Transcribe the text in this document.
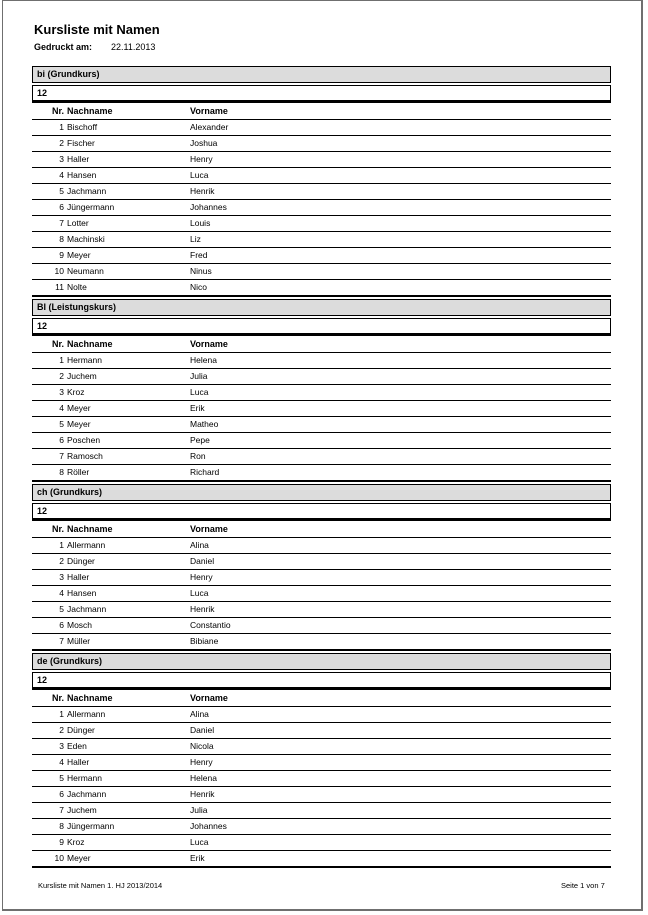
Kursliste mit Namen
Gedruckt am: 22.11.2013
bi (Grundkurs)
12
Nr.	Nachname	Vorname
1	Bischoff	Alexander
2	Fischer	Joshua
3	Haller	Henry
4	Hansen	Luca
5	Jachmann	Henrik
6	Jüngermann	Johannes
7	Lotter	Louis
8	Machinski	Liz
9	Meyer	Fred
10	Neumann	Ninus
11	Nolte	Nico
BI (Leistungskurs)
12
Nr.	Nachname	Vorname
1	Hermann	Helena
2	Juchem	Julia
3	Kroz	Luca
4	Meyer	Erik
5	Meyer	Matheo
6	Poschen	Pepe
7	Ramosch	Ron
8	Röller	Richard
ch (Grundkurs)
12
Nr.	Nachname	Vorname
1	Allermann	Alina
2	Dünger	Daniel
3	Haller	Henry
4	Hansen	Luca
5	Jachmann	Henrik
6	Mosch	Constantio
7	Müller	Bibiane
de (Grundkurs)
12
Nr.	Nachname	Vorname
1	Allermann	Alina
2	Dünger	Daniel
3	Eden	Nicola
4	Haller	Henry
5	Hermann	Helena
6	Jachmann	Henrik
7	Juchem	Julia
8	Jüngermann	Johannes
9	Kroz	Luca
10	Meyer	Erik
Kursliste mit Namen 1. HJ 2013/2014	Seite 1 von 7
